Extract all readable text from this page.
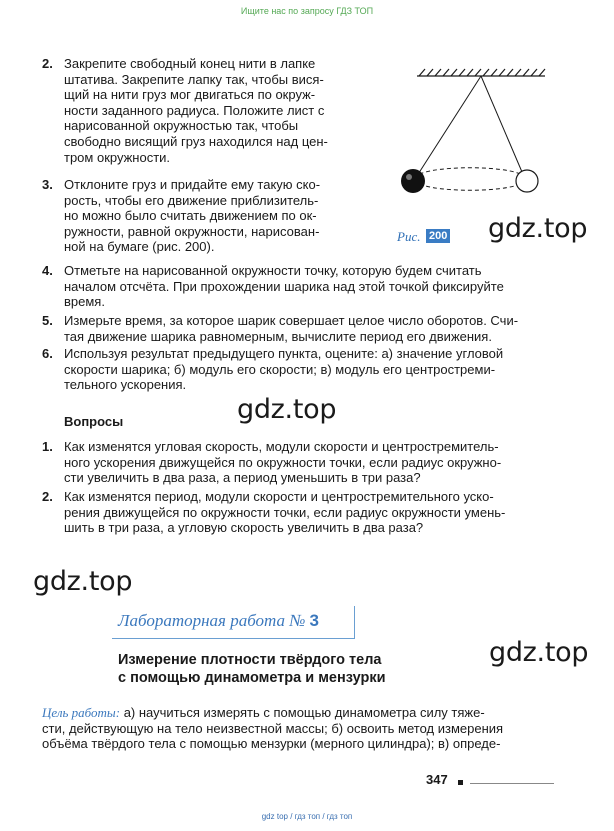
Ищите нас по запросу ГДЗ ТОП
2. Закрепите свободный конец нити в лапке
штатива. Закрепите лапку так, чтобы вися-
щий на нити груз мог двигаться по окруж-
ности заданного радиуса. Положите лист с
нарисованной окружностью так, чтобы
свободно висящий груз находился над цен-
тром окружности.
3. Отклоните груз и придайте ему такую ско-
рость, чтобы его движение приблизитель-
но можно было считать движением по ок-
ружности, равной окружности, нарисован-
ной на бумаге (рис. 200).
Рис. 200 gdz.top
4. Отметьте на нарисованной окружности точку, которую будем считать
началом отсчёта. При прохождении шарика над этой точкой фиксируйте
время.
5. Измерьте время, за которое шарик совершает целое число оборотов. Счи-
тая движение шарика равномерным, вычислите период его движения.
6. Используя результат предыдущего пункта, оцените: а) значение угловой
скорости шарика; б) модуль его скорости; в) модуль его центростреми-
тельного ускорения.
gdz.top
Вопросы
1. Как изменятся угловая скорость, модули скорости и центростремитель-
ного ускорения движущейся по окружности точки, если радиус окружно-
сти увеличить в два раза, а период уменьшить в три раза?
2. Как изменятся период, модули скорости и центростремительного уско-
рения движущейся по окружности точки, если радиус окружности умень-
шить в три раза, а угловую скорость увеличить в два раза?
gdz.top
Лабораторная работа № 3
gdz.top
Измерение плотности твёрдого тела
с помощью динамометра и мензурки
Цель работы: а) научиться измерять с помощью динамометра силу тяже-
сти, действующую на тело неизвестной массы; б) освоить метод измерения
объёма твёрдого тела с помощью мензурки (мерного цилиндра); в) опреде-
347
gdz top / гдз топ / гдз топ
